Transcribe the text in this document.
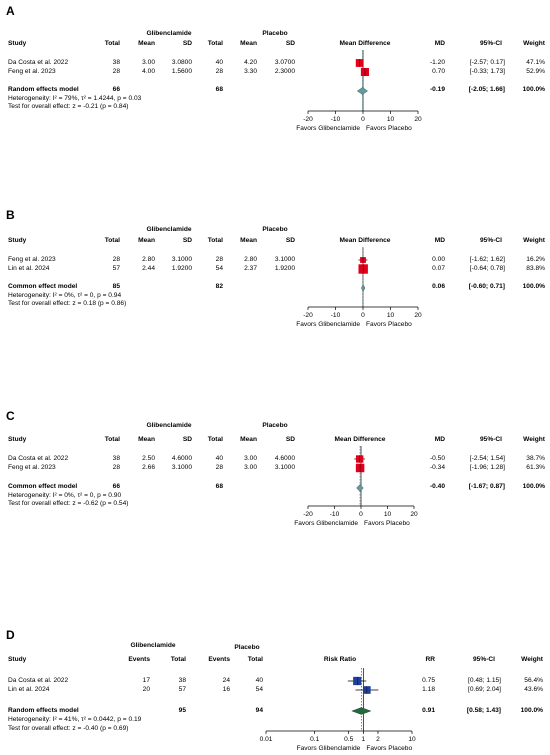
A
Glibenclamide	Placebo
Study	Total	Mean	SD	Total	Mean	SD	Mean Difference	MD	95%-CI	Weight
Da Costa et al. 2022	38	3.00	3.0800	40	4.20	3.0700	-1.20	[-2.57; 0.17]	47.1%
Feng et al. 2023	28	4.00	1.5600	28	3.30	2.3000	0.70	[-0.33; 1.73]	52.9%
Random effects model	66	68	-0.19	[-2.05; 1.66]	100.0%
Heterogeneity: I² = 79%, τ² = 1.4244, p = 0.03
Test for overall effect: z = -0.21 (p = 0.84)
-20	-10	0	10	20
Favors Glibenclamide Favors Placebo
B
Glibenclamide	Placebo
Study	Total	Mean	SD	Total	Mean	SD	Mean Difference	MD	95%-CI	Weight
Feng et al. 2023	28	2.80	3.1000	28	2.80	3.1000	0.00	[-1.62; 1.62]	16.2%
Lin et al. 2024	57	2.44	1.9200	54	2.37	1.9200	0.07	[-0.64; 0.78]	83.8%
Common effect model	85	82	0.06	[-0.60; 0.71]	100.0%
Heterogeneity: I² = 0%, τ² = 0, p = 0.94
Test for overall effect: z = 0.18 (p = 0.86)
-20	-10	0	10	20
Favors Glibenclamide Favors Placebo
C
Glibenclamide	Placebo
Study	Total	Mean	SD	Total	Mean	SD	Mean Difference	MD	95%-CI	Weight
Da Costa et al. 2022	38	2.50	4.6000	40	3.00	4.6000	-0.50	[-2.54; 1.54]	38.7%
Feng et al. 2023	28	2.66	3.1000	28	3.00	3.1000	-0.34	[-1.96; 1.28]	61.3%
Common effect model	66	68	-0.40	[-1.67; 0.87]	100.0%
Heterogeneity: I² = 0%, τ² = 0, p = 0.90
Test for overall effect: z = -0.62 (p = 0.54)
-20	-10	0	10	20
Favors Glibenclamide Favors Placebo
D
Glibenclamide	Placebo
Study	Events	Total	Events	Total	Risk Ratio	RR	95%-CI	Weight
Da Costa et al. 2022	17	38	24	40	0.75	[0.48; 1.15]	56.4%
Lin et al. 2024	20	57	16	54	1.18	[0.69; 2.04]	43.6%
Random effects model	95	94	0.91	[0.58; 1.43]	100.0%
Heterogeneity: I² = 41%, τ² = 0.0442, p = 0.19
Test for overall effect: z = -0.40 (p = 0.69)
0.01	0.1	0.5 1 2	10
Favors Glibenclamide Favors Placebo
